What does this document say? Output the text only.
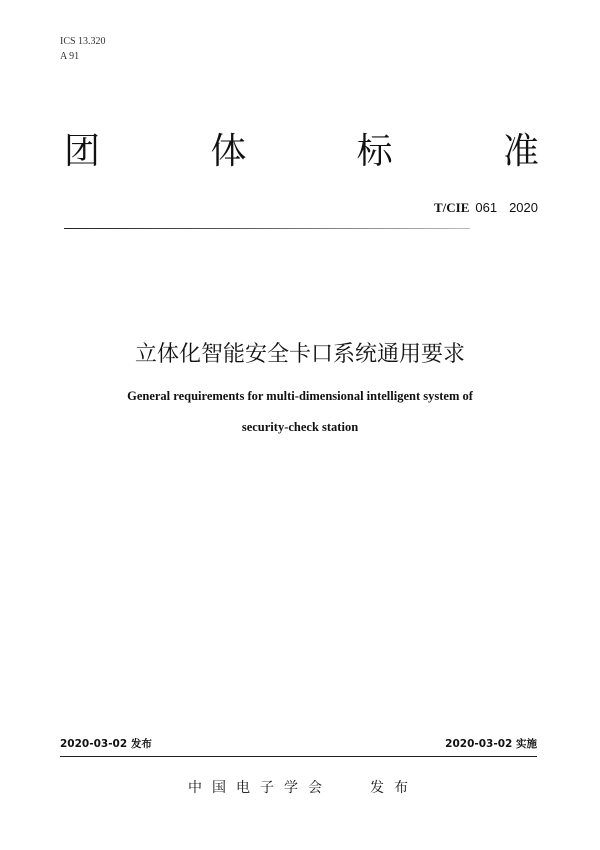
ICS 13.320
A 91
团	体	标	准
T/CIE 061 2020
立体化智能安全卡口系统通用要求
General requirements for multi-dimensional intelligent system of
security-check station
2020-03-02 发布	2020-03-02 实施
中国电子学会	发布
